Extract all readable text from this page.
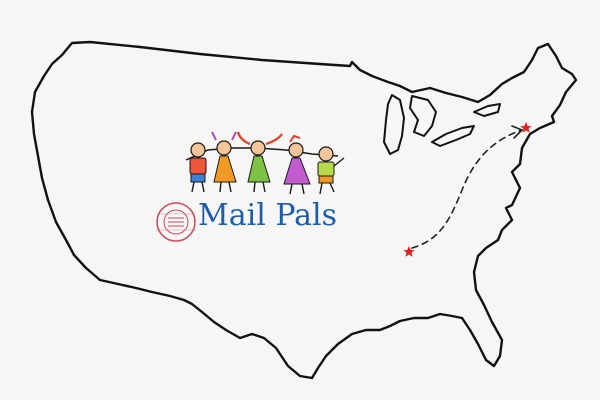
Mail Pals
